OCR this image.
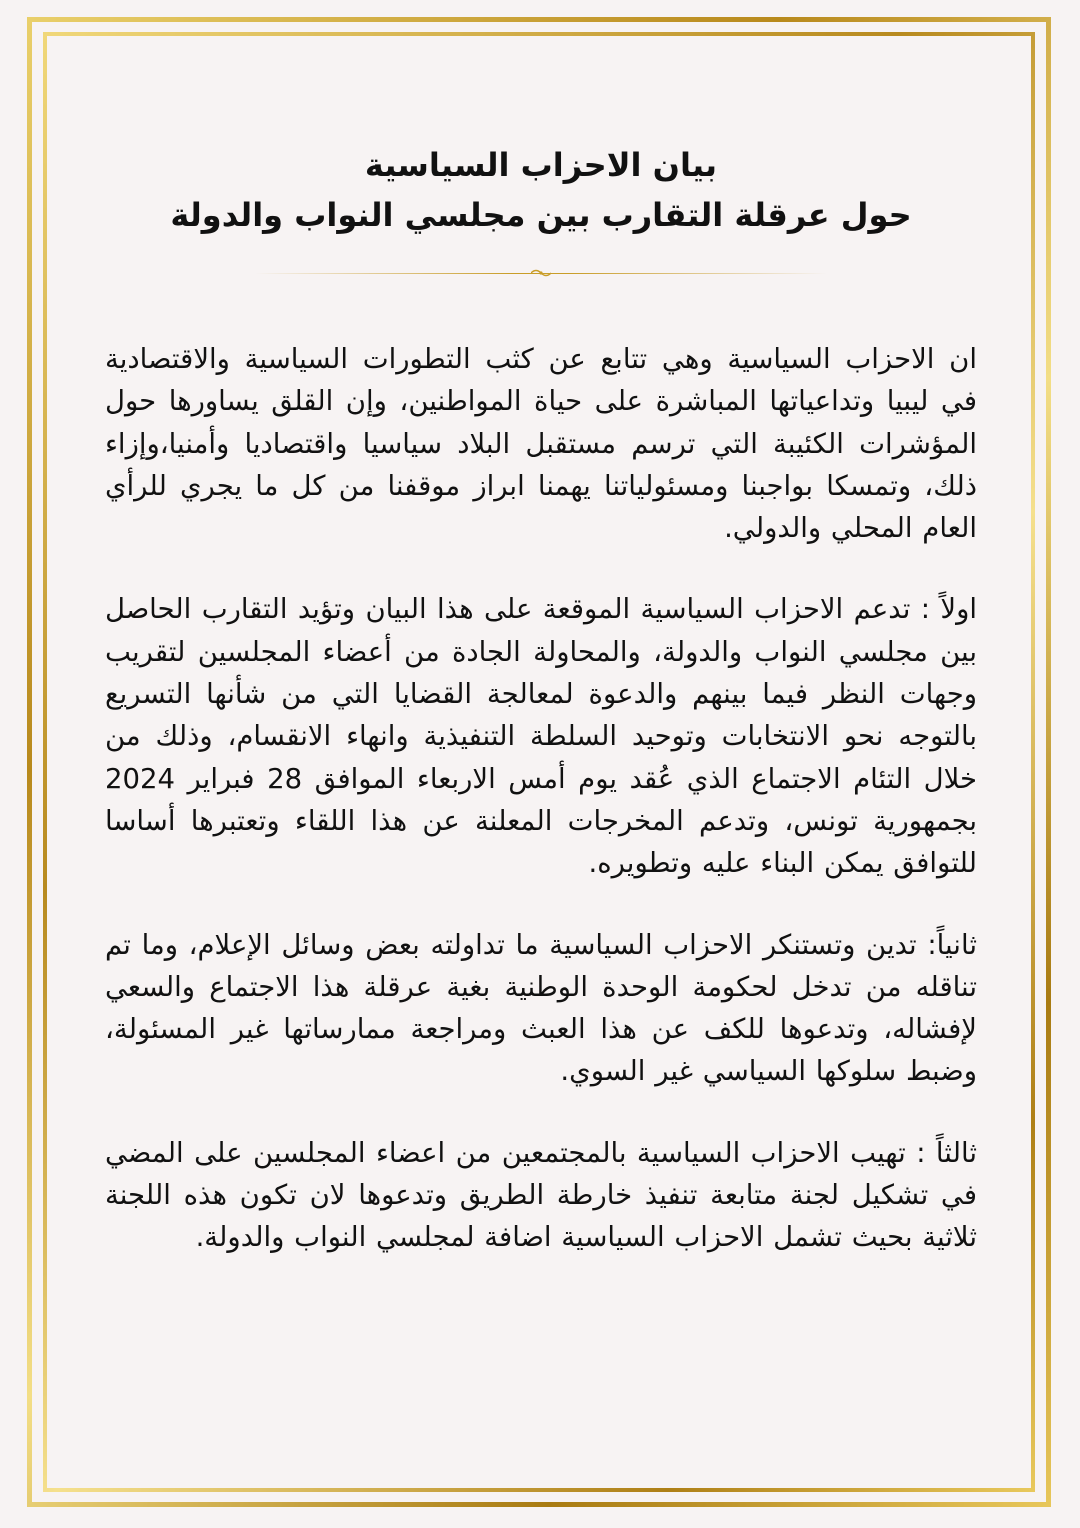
بيان الاحزاب السياسية
حول عرقلة التقارب بين مجلسي النواب والدولة

ان الاحزاب السياسية وهي تتابع عن كثب التطورات السياسية والاقتصادية في ليبيا وتداعياتها المباشرة على حياة المواطنين، وإن القلق يساورها حول المؤشرات الكئيبة التي ترسم مستقبل البلاد سياسيا واقتصاديا وأمنيا،وإزاء ذلك، وتمسكا بواجبنا ومسئولياتنا يهمنا ابراز موقفنا من كل ما يجري للرأي العام المحلي والدولي.

اولاً : تدعم الاحزاب السياسية الموقعة على هذا البيان وتؤيد التقارب الحاصل بين مجلسي النواب والدولة، والمحاولة الجادة من أعضاء المجلسين لتقريب وجهات النظر فيما بينهم والدعوة لمعالجة القضايا التي من شأنها التسريع بالتوجه نحو الانتخابات وتوحيد السلطة التنفيذية وانهاء الانقسام، وذلك من خلال التئام الاجتماع الذي عُقد يوم أمس الاربعاء الموافق 28 فبراير 2024 بجمهورية تونس، وتدعم المخرجات المعلنة عن هذا اللقاء وتعتبرها أساسا للتوافق يمكن البناء عليه وتطويره.

ثانياً: تدين وتستنكر الاحزاب السياسية ما تداولته بعض وسائل الإعلام، وما تم تناقله من تدخل لحكومة الوحدة الوطنية بغية عرقلة هذا الاجتماع والسعي لإفشاله، وتدعوها للكف عن هذا العبث ومراجعة ممارساتها غير المسئولة، وضبط سلوكها السياسي غير السوي.

ثالثاً : تهيب الاحزاب السياسية بالمجتمعين من اعضاء المجلسين على المضي في تشكيل لجنة متابعة تنفيذ خارطة الطريق وتدعوها لان تكون هذه اللجنة ثلاثية بحيث تشمل الاحزاب السياسية اضافة لمجلسي النواب والدولة.
